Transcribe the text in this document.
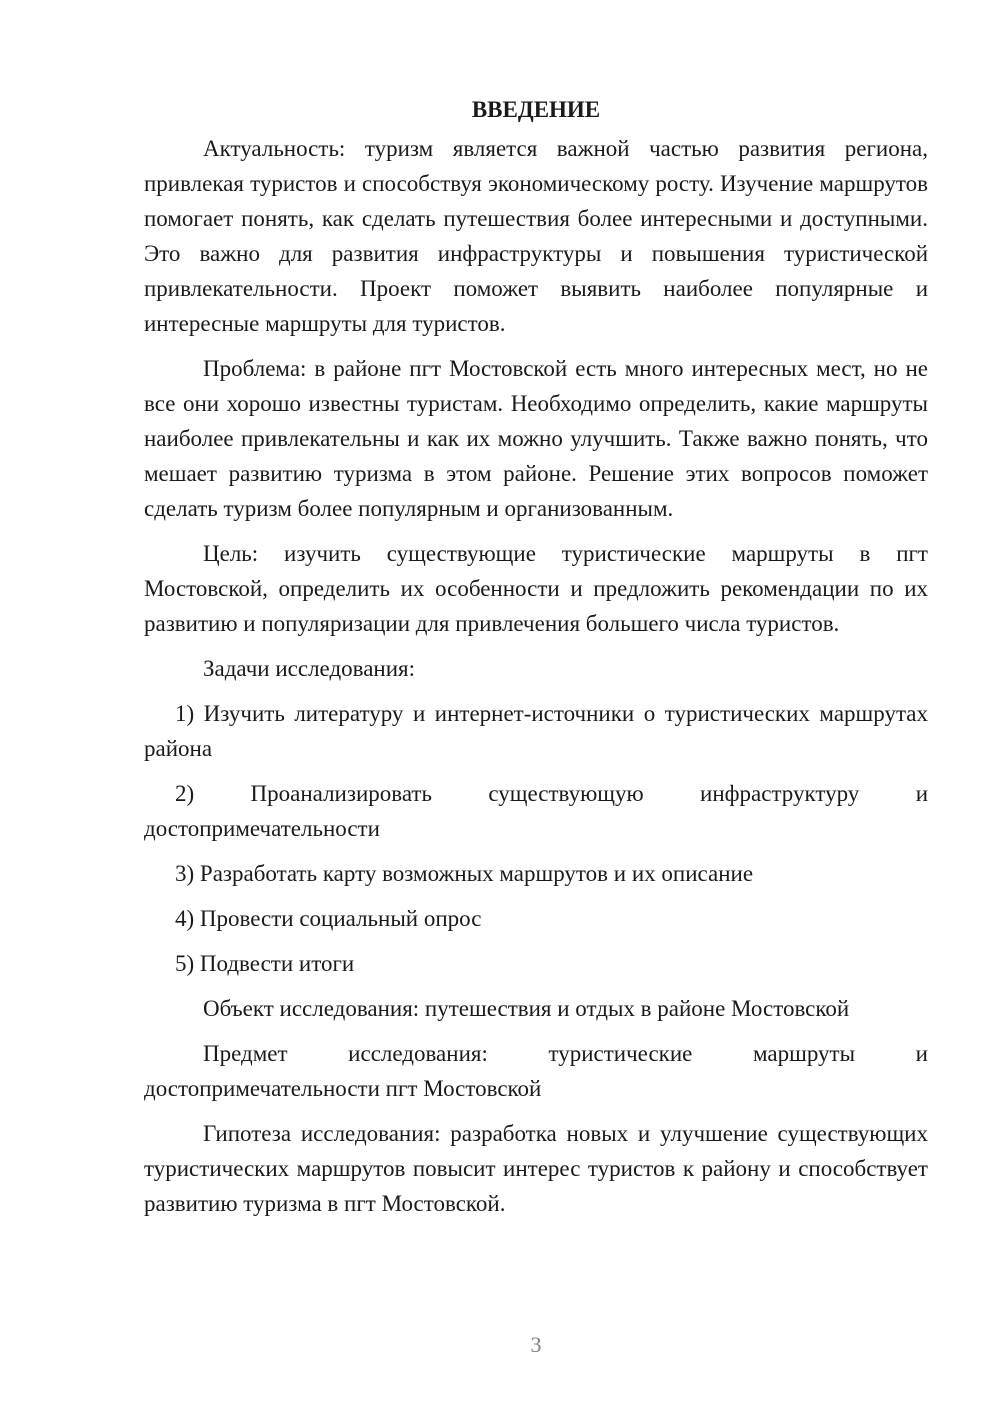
ВВЕДЕНИЕ

Актуальность: туризм является важной частью развития региона, привлекая туристов и способствуя экономическому росту. Изучение маршрутов помогает понять, как сделать путешествия более интересными и доступными. Это важно для развития инфраструктуры и повышения туристической привлекательности. Проект поможет выявить наиболее популярные и интересные маршруты для туристов.

Проблема: в районе пгт Мостовской есть много интересных мест, но не все они хорошо известны туристам. Необходимо определить, какие маршруты наиболее привлекательны и как их можно улучшить. Также важно понять, что мешает развитию туризма в этом районе. Решение этих вопросов поможет сделать туризм более популярным и организованным.

Цель: изучить существующие туристические маршруты в пгт Мостовской, определить их особенности и предложить рекомендации по их развитию и популяризации для привлечения большего числа туристов.

Задачи исследования:

1) Изучить литературу и интернет-источники о туристических маршрутах района

2) Проанализировать существующую инфраструктуру и достопримечательности

3) Разработать карту возможных маршрутов и их описание

4) Провести социальный опрос

5) Подвести итоги

Объект исследования: путешествия и отдых в районе Мостовской

Предмет исследования: туристические маршруты и достопримечательности пгт Мостовской

Гипотеза исследования: разработка новых и улучшение существующих туристических маршрутов повысит интерес туристов к району и способствует развитию туризма в пгт Мостовской.

3
